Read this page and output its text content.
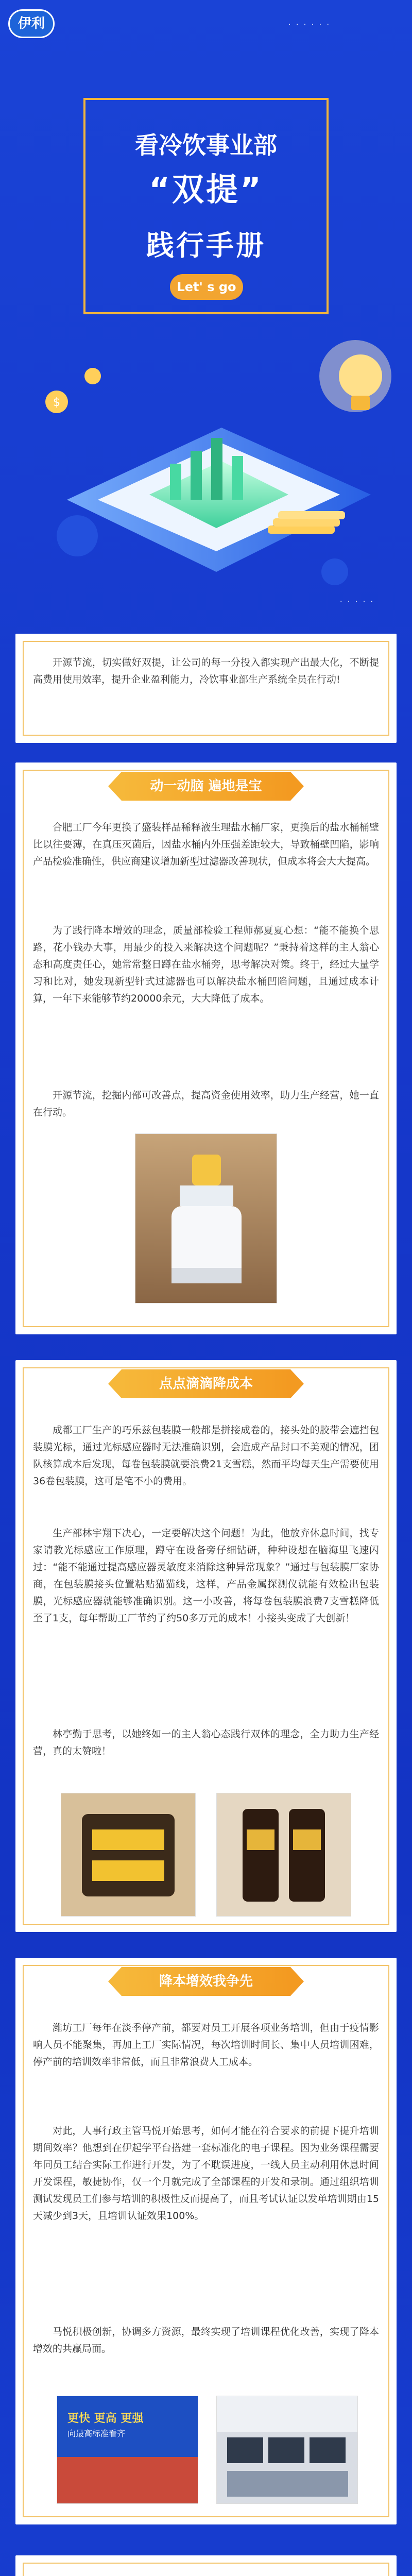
· · · · · ·
· · · · ·
伊利
看冷饮事业部
“双提”
践行手册
Let' s go
$
开源节流，切实做好双提，让公司的每一分投入都实现产出最大化，不断提高费用使用效率，提升企业盈利能力，冷饮事业部生产系统全员在行动!
动一动脑 遍地是宝
合肥工厂今年更换了盛装样品稀释液生理盐水桶厂家，更换后的盐水桶桶壁比以往要薄，在真压灭菌后，因盐水桶内外压强差距较大，导致桶壁凹陷，影响产品检验准确性，供应商建议增加新型过滤器改善现状，但成本将会大大提高。
为了践行降本增效的理念，质量部检验工程师郝夏夏心想：“能不能换个思路，花小钱办大事，用最少的投入来解决这个问题呢？”秉持着这样的主人翁心态和高度责任心，她常常整日蹲在盐水桶旁，思考解决对策。终于，经过大量学习和比对，她发现新型针式过滤器也可以解决盐水桶凹陷问题，且通过成本计算，一年下来能够节约20000余元，大大降低了成本。
开源节流，挖掘内部可改善点，提高资金使用效率，助力生产经营，她一直在行动。
点点滴滴降成本
成都工厂生产的巧乐兹包装膜一般都是拼接成卷的，接头处的胶带会遮挡包装膜光标，通过光标感应器时无法准确识别，会造成产品封口不美观的情况，团队核算成本后发现，每卷包装膜就要浪费21支雪糕，然而平均每天生产需要使用36卷包装膜，这可是笔不小的费用。
生产部林宇翔下决心，一定要解决这个问题！为此，他放弃休息时间，找专家请教光标感应工作原理，蹲守在设备旁仔细钻研，种种设想在脑海里飞速闪过：“能不能通过提高感应器灵敏度来消除这种异常现象？”通过与包装膜厂家协商，在包装膜接头位置粘贴猫猫线，这样，产品金属探测仪就能有效检出包装膜，光标感应器就能够准确识别。这一小改善，将每卷包装膜浪费7支雪糕降低至了1支，每年帮助工厂节约了约50多万元的成本！小接头变成了大创新！
林亭勤于思考，以她终如一的主人翁心态践行双体的理念，全力助力生产经营，真的太赞啦！
降本增效我争先
潍坊工厂每年在淡季停产前，都要对员工开展各项业务培训，但由于疫情影响人员不能聚集，再加上工厂实际情况，每次培训时间长、集中人员培训困难，停产前的培训效率非常低，而且非常浪费人工成本。
对此，人事行政主管马悦开始思考，如何才能在符合要求的前提下提升培训期间效率？他想到在伊起学平台搭建一套标准化的电子课程。因为业务课程需要年同员工结合实际工作进行开发，为了不耽误进度，一线人员主动利用休息时间开发课程，敏捷协作，仅一个月就完成了全部课程的开发和录制。通过组织培训测试发现员工们参与培训的积极性反而提高了，而且考试认证以发单培训期由15天减少到3天，且培训认证效果100%。
马悦积极创新，协调多方资源，最终实现了培训课程优化改善，实现了降本增效的共赢局面。
更快 更高 更强
向最高标准看齐
